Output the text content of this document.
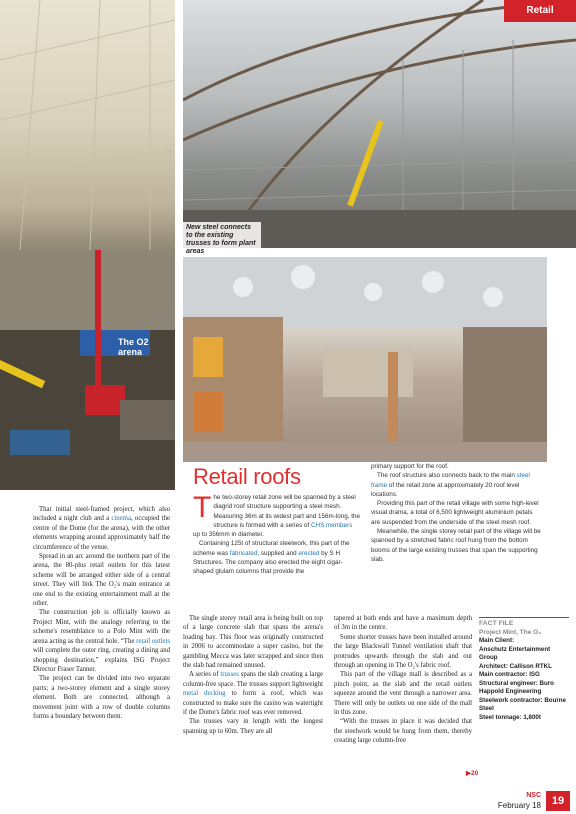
The O2 arena
Retail
New steel connects to the existing trusses to form plant areas
Retail roofs
The two-storey retail zone will be spanned by a steel diagrid roof structure supporting a steel mesh. Measuring 36m at its widest part and 156m-long, the structure is formed with a series of CHS members up to 356mm in diameter.
Containing 125t of structural steelwork, this part of the scheme was fabricated, supplied and erected by S H Structures. The company also erected the eight cigar-shaped glulam columns that provide the
primary support for the roof.
The roof structure also connects back to the main steel frame of the retail zone at approximately 20 roof level locations.
Providing this part of the retail village with some high-level visual drama, a total of 6,500 lightweight aluminium petals are suspended from the underside of the steel mesh roof.
Meanwhile, the single storey retail part of the village will be spanned by a stretched fabric roof hung from the bottom booms of the large existing trusses that span the supporting slab.

That initial steel-framed project, which also included a night club and a cinema, occupied the centre of the Dome (for the arena), with the other elements wrapping around approximately half the circumference of the venue.

Spread in an arc around the northern part of the arena, the 80-plus retail outlets for this latest scheme will be arranged either side of a central street. They will link The O₂'s main entrance at one end to the existing entertainment mall at the other.

The construction job is officially known as Project Mint, with the analogy referring to the scheme's resemblance to a Polo Mint with the arena acting as the central hole. “The retail outlets will complete the outer ring, creating a dining and shopping destination,” explains ISG Project Director Fraser Tanner.

The project can be divided into two separate parts; a two-storey element and a single storey element. Both are connected, although a movement joint with a row of double columns forms a boundary between them.

The single storey retail area is being built on top of a large concrete slab that spans the arena's loading bay. This floor was originally constructed in 2006 to accommodate a super casino, but the gambling Mecca was later scrapped and since then the slab had remained unused.

A series of trusses spans the slab creating a large column-free space. The trusses support lightweight metal decking to form a roof, which was constructed to make sure the casino was watertight if the Dome's fabric roof was ever removed.

The trusses vary in length with the longest spanning up to 60m. They are all

tapered at both ends and have a maximum depth of 3m in the centre.

Some shorter trusses have been installed around the large Blackwall Tunnel ventilation shaft that protrudes upwards through the slab and out through an opening in The O₂'s fabric roof.

This part of the village mall is described as a pinch point, as the slab and the retail outlets squeeze around the vent through a narrower area. There will only be outlets on one side of the mall in this zone.

“With the trusses in place it was decided that the steelwork would be hung from them, thereby creating large column-free

▶20
FACT FILE
Project Mint, The O₂
Main Client:
Anschutz Entertainment Group
Architect: Callison RTKL
Main contractor: ISG
Structural engineer: Buro Happold Engineering
Steelwork contractor: Bourne Steel
Steel tonnage: 1,800t
NSC
February 18 19
